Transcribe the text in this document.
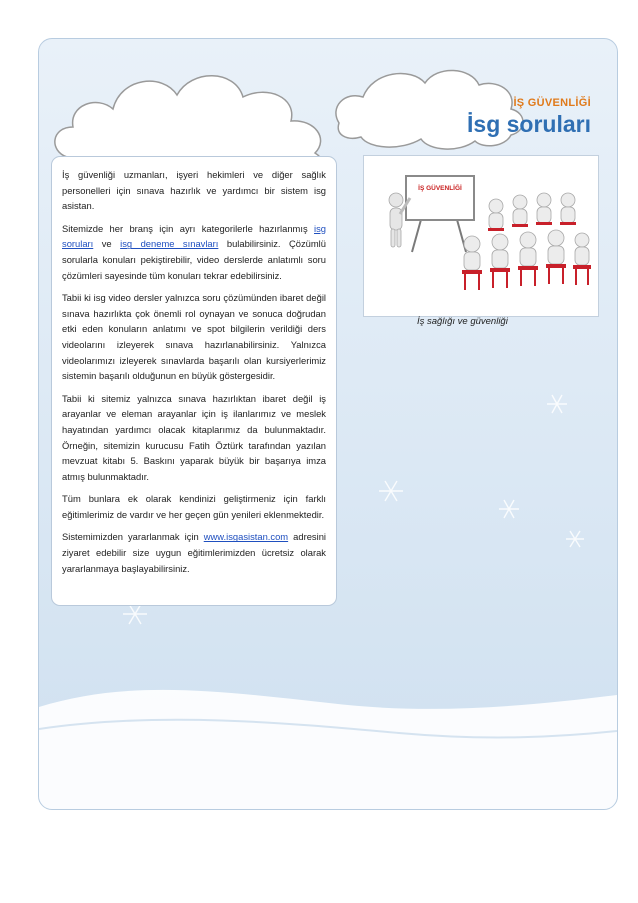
İŞ GÜVENLİĞİ

İsg soruları

İş güvenliği uzmanları, işyeri hekimleri ve diğer sağlık personelleri için sınava hazırlık ve yardımcı bir sistem isg asistan.

Sitemizde her branş için ayrı kategorilerle hazırlanmış isg soruları ve isg deneme sınavları bulabilirsiniz. Çözümlü sorularla konuları pekiştirebilir, video derslerde anlatımlı soru çözümleri sayesinde tüm konuları tekrar edebilirsiniz.

Tabii ki isg video dersler yalnızca soru çözümünden ibaret değil sınava hazırlıkta çok önemli rol oynayan ve sonuca doğrudan etki eden konuların anlatımı ve spot bilgilerin verildiği ders videolarını izleyerek sınava hazırlanabilirsiniz. Yalnızca videolarımızı izleyerek sınavlarda başarılı olan kursiyerlerimiz sistemin başarılı olduğunun en büyük göstergesidir.

Tabii ki sitemiz yalnızca sınava hazırlıktan ibaret değil iş arayanlar ve eleman arayanlar için iş ilanlarımız ve meslek hayatından yardımcı olacak kitaplarımız da bulunmaktadır. Örneğin, sitemizin kurucusu Fatih Öztürk tarafından yazılan mevzuat kitabı 5. Baskını yaparak büyük bir başarıya imza atmış bulunmaktadır.

Tüm bunlara ek olarak kendinizi geliştirmeniz için farklı eğitimlerimiz de vardır ve her geçen gün yenileri eklenmektedir.

Sistemimizden yararlanmak için www.isgasistan.com adresini ziyaret edebilir size uygun eğitimlerimizden ücretsiz olarak yararlanmaya başlayabilirsiniz.

İŞ GÜVENLİĞİ

İş sağlığı ve güvenliği
